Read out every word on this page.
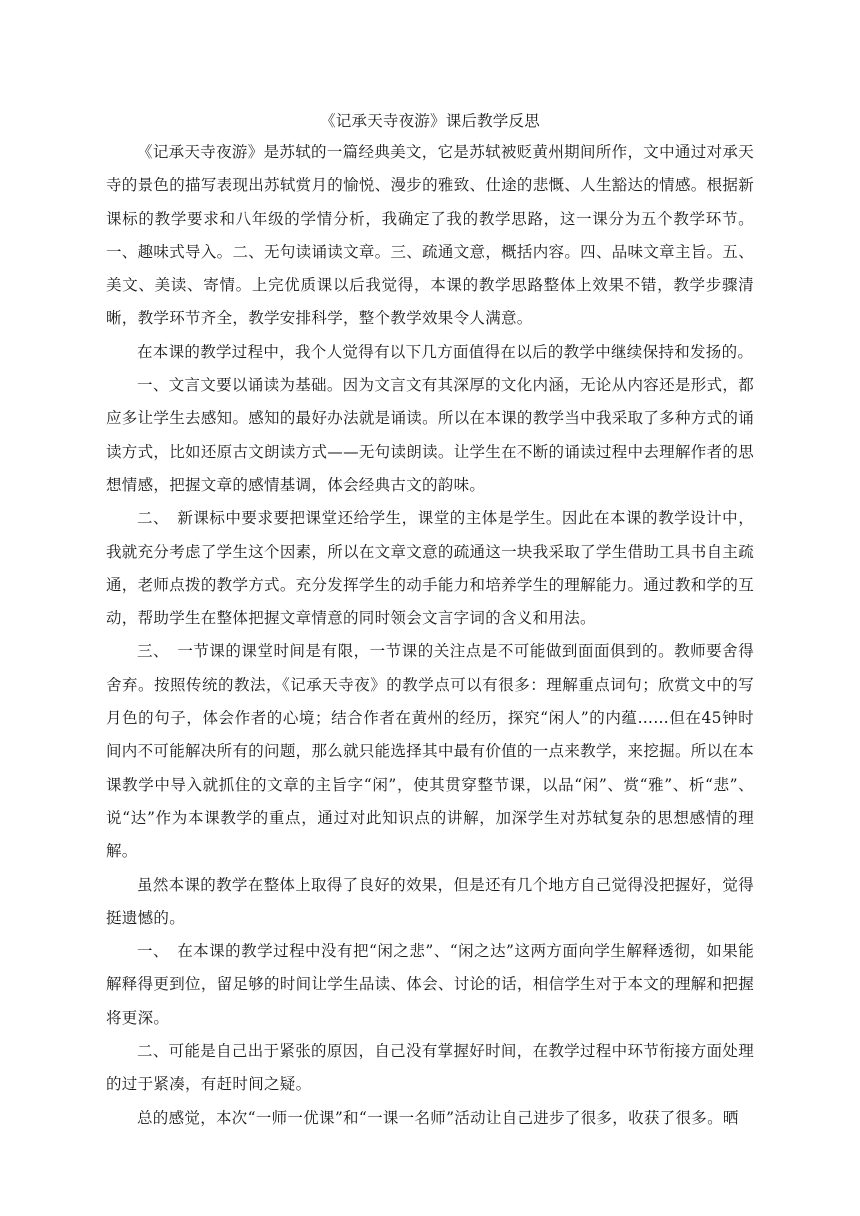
《记承天寺夜游》课后教学反思

《记承天寺夜游》是苏轼的一篇经典美文，它是苏轼被贬黄州期间所作，文中通过对承天寺的景色的描写表现出苏轼赏月的愉悦、漫步的雅致、仕途的悲慨、人生豁达的情感。根据新课标的教学要求和八年级的学情分析，我确定了我的教学思路，这一课分为五个教学环节。 一、趣味式导入。二、无句读诵读文章。三、疏通文意，概括内容。四、品味文章主旨。五、美文、美读、寄情。上完优质课以后我觉得，本课的教学思路整体上效果不错，教学步骤清晰，教学环节齐全，教学安排科学，整个教学效果令人满意。

在本课的教学过程中，我个人觉得有以下几方面值得在以后的教学中继续保持和发扬的。

一、文言文要以诵读为基础。因为文言文有其深厚的文化内涵，无论从内容还是形式，都应多让学生去感知。感知的最好办法就是诵读。所以在本课的教学当中我采取了多种方式的诵读方式，比如还原古文朗读方式——无句读朗读。让学生在不断的诵读过程中去理解作者的思想情感，把握文章的感情基调，体会经典古文的韵味。

二、　新课标中要求要把课堂还给学生，课堂的主体是学生。因此在本课的教学设计中，我就充分考虑了学生这个因素，所以在文章文意的疏通这一块我采取了学生借助工具书自主疏通，老师点拨的教学方式。充分发挥学生的动手能力和培养学生的理解能力。通过教和学的互动，帮助学生在整体把握文章情意的同时领会文言字词的含义和用法。

三、　一节课的课堂时间是有限，一节课的关注点是不可能做到面面俱到的。教师要舍得舍弃。按照传统的教法，《记承天寺夜》的教学点可以有很多：理解重点词句；欣赏文中的写月色的句子，体会作者的心境；结合作者在黄州的经历，探究“闲人”的内蕴……但在45钟时间内不可能解决所有的问题，那么就只能选择其中最有价值的一点来教学，来挖掘。所以在本课教学中导入就抓住的文章的主旨字“闲”，使其贯穿整节课，以品“闲”、赏“雅”、析“悲”、说“达”作为本课教学的重点，通过对此知识点的讲解，加深学生对苏轼复杂的思想感情的理解。

虽然本课的教学在整体上取得了良好的效果，但是还有几个地方自己觉得没把握好，觉得挺遗憾的。

一、　在本课的教学过程中没有把“闲之悲”、“闲之达”这两方面向学生解释透彻，如果能解释得更到位，留足够的时间让学生品读、体会、讨论的话，相信学生对于本文的理解和把握将更深。

二、可能是自己出于紧张的原因，自己没有掌握好时间，在教学过程中环节衔接方面处理的过于紧凑，有赶时间之疑。

总的感觉，本次“一师一优课”和“一课一名师”活动让自己进步了很多，收获了很多。晒
